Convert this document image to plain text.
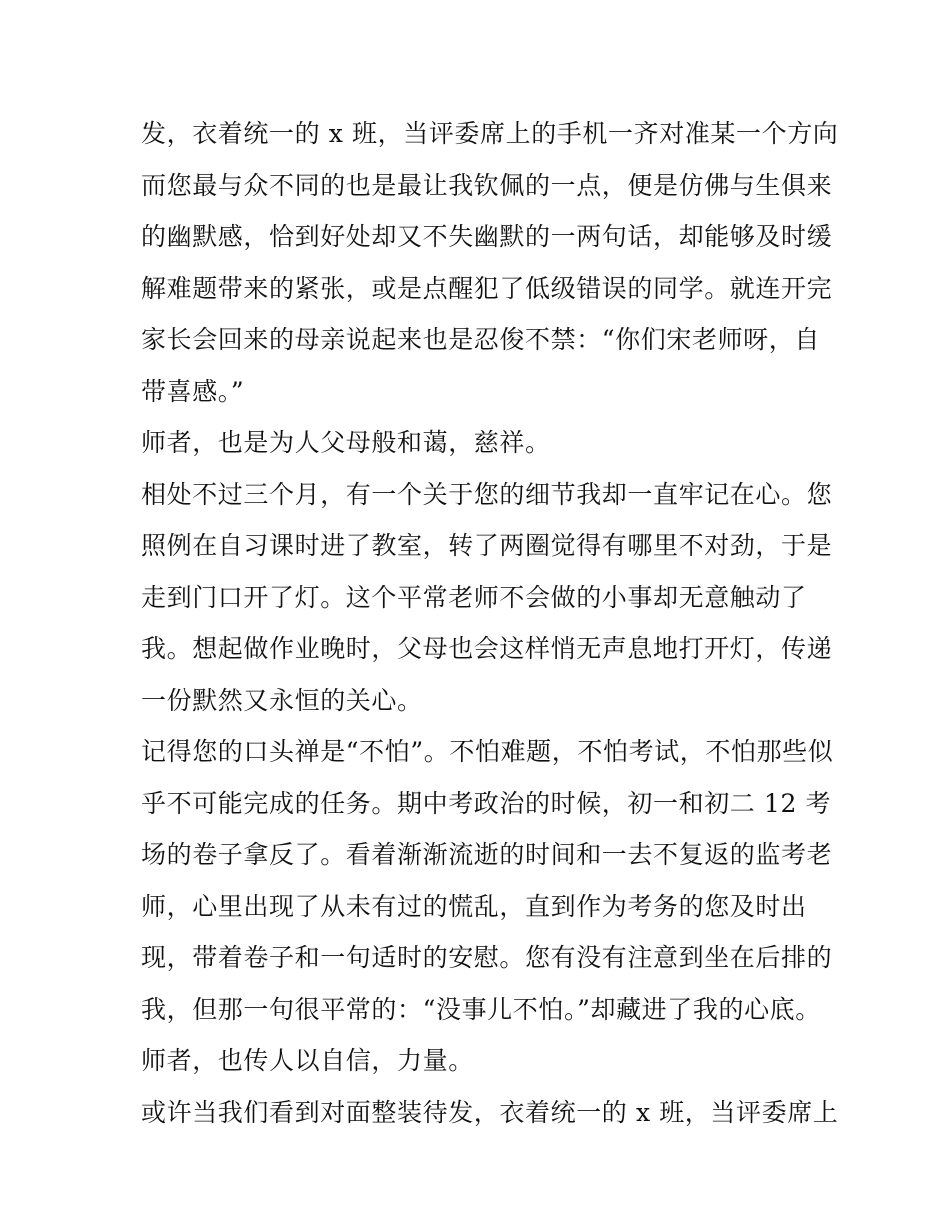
发，衣着统一的 x 班，当评委席上的手机一齐对准某一个方向
而您最与众不同的也是最让我钦佩的一点，便是仿佛与生俱来
的幽默感，恰到好处却又不失幽默的一两句话，却能够及时缓
解难题带来的紧张，或是点醒犯了低级错误的同学。就连开完
家长会回来的母亲说起来也是忍俊不禁：“你们宋老师呀，自
带喜感。”
师者，也是为人父母般和蔼，慈祥。
相处不过三个月，有一个关于您的细节我却一直牢记在心。您
照例在自习课时进了教室，转了两圈觉得有哪里不对劲，于是
走到门口开了灯。这个平常老师不会做的小事却无意触动了
我。想起做作业晚时，父母也会这样悄无声息地打开灯，传递
一份默然又永恒的关心。
记得您的口头禅是“不怕”。不怕难题，不怕考试，不怕那些似
乎不可能完成的任务。期中考政治的时候，初一和初二 12 考
场的卷子拿反了。看着渐渐流逝的时间和一去不复返的监考老
师，心里出现了从未有过的慌乱，直到作为考务的您及时出
现，带着卷子和一句适时的安慰。您有没有注意到坐在后排的
我，但那一句很平常的：“没事儿不怕。”却藏进了我的心底。
师者，也传人以自信，力量。
或许当我们看到对面整装待发，衣着统一的 x 班，当评委席上
